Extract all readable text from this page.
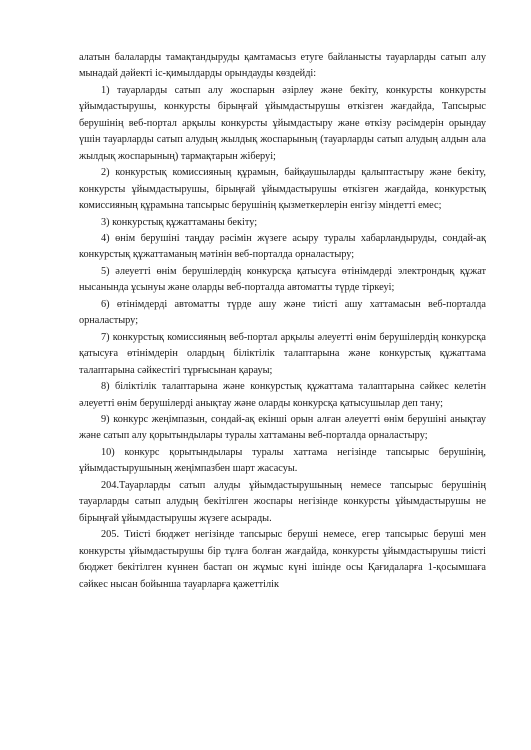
алатын балаларды тамақтандыруды қамтамасыз етуге байланысты тауарларды сатып алу мынадай дәйекті іс-қимылдарды орындауды көздейді:

1) тауарларды сатып алу жоспарын әзірлеу және бекіту, конкурсты конкурсты ұйымдастырушы, конкурсты бірыңғай ұйымдастырушы өткізген жағдайда, Тапсырыс берушінің веб-портал арқылы конкурсты ұйымдастыру және өткізу рәсімдерін орындау үшін тауарларды сатып алудың жылдық жоспарының (тауарларды сатып алудың алдын ала жылдық жоспарының) тармақтарын жіберуі;

2) конкурстық комиссияның құрамын, байқаушыларды қалыптастыру және бекіту, конкурсты ұйымдастырушы, бірыңғай ұйымдастырушы өткізген жағдайда, конкурстық комиссияның құрамына тапсырыс берушінің қызметкерлерін енгізу міндетті емес;

3) конкурстық құжаттаманы бекіту;

4) өнім берушіні таңдау рәсімін жүзеге асыру туралы хабарландыруды, сондай-ақ конкурстық құжаттаманың мәтінін веб-порталда орналастыру;

5) әлеуетті өнім берушілердің конкурсқа қатысуға өтінімдерді электрондық құжат нысанында ұсынуы және оларды веб-порталда автоматты түрде тіркеуі;

6) өтінімдерді автоматты түрде ашу және тиісті ашу хаттамасын веб-порталда орналастыру;

7) конкурстық комиссияның веб-портал арқылы әлеуетті өнім берушілердің конкурсқа қатысуға өтінімдерін олардың біліктілік талаптарына және конкурстық құжаттама талаптарына сәйкестігі тұрғысынан қарауы;

8) біліктілік талаптарына және конкурстық құжаттама талаптарына сәйкес келетін әлеуетті өнім берушілерді анықтау және оларды конкурсқа қатысушылар деп тану;

9) конкурс жеңімпазын, сондай-ақ екінші орын алған әлеуетті өнім берушіні анықтау және сатып алу қорытындылары туралы хаттаманы веб-порталда орналастыру;

10) конкурс қорытындылары туралы хаттама негізінде тапсырыс берушінің, ұйымдастырушының жеңімпазбен шарт жасасуы.

204.Тауарларды сатып алуды ұйымдастырушының немесе тапсырыс берушінің тауарларды сатып алудың бекітілген жоспары негізінде конкурсты ұйымдастырушы не бірыңғай ұйымдастырушы жүзеге асырады.

205. Тиісті бюджет негізінде тапсырыс беруші немесе, егер тапсырыс беруші мен конкурсты ұйымдастырушы бір тұлға болған жағдайда, конкурсты ұйымдастырушы тиісті бюджет бекітілген күннен бастап он жұмыс күні ішінде осы Қағидаларға 1-қосымшаға сәйкес нысан бойынша тауарларға қажеттілік
